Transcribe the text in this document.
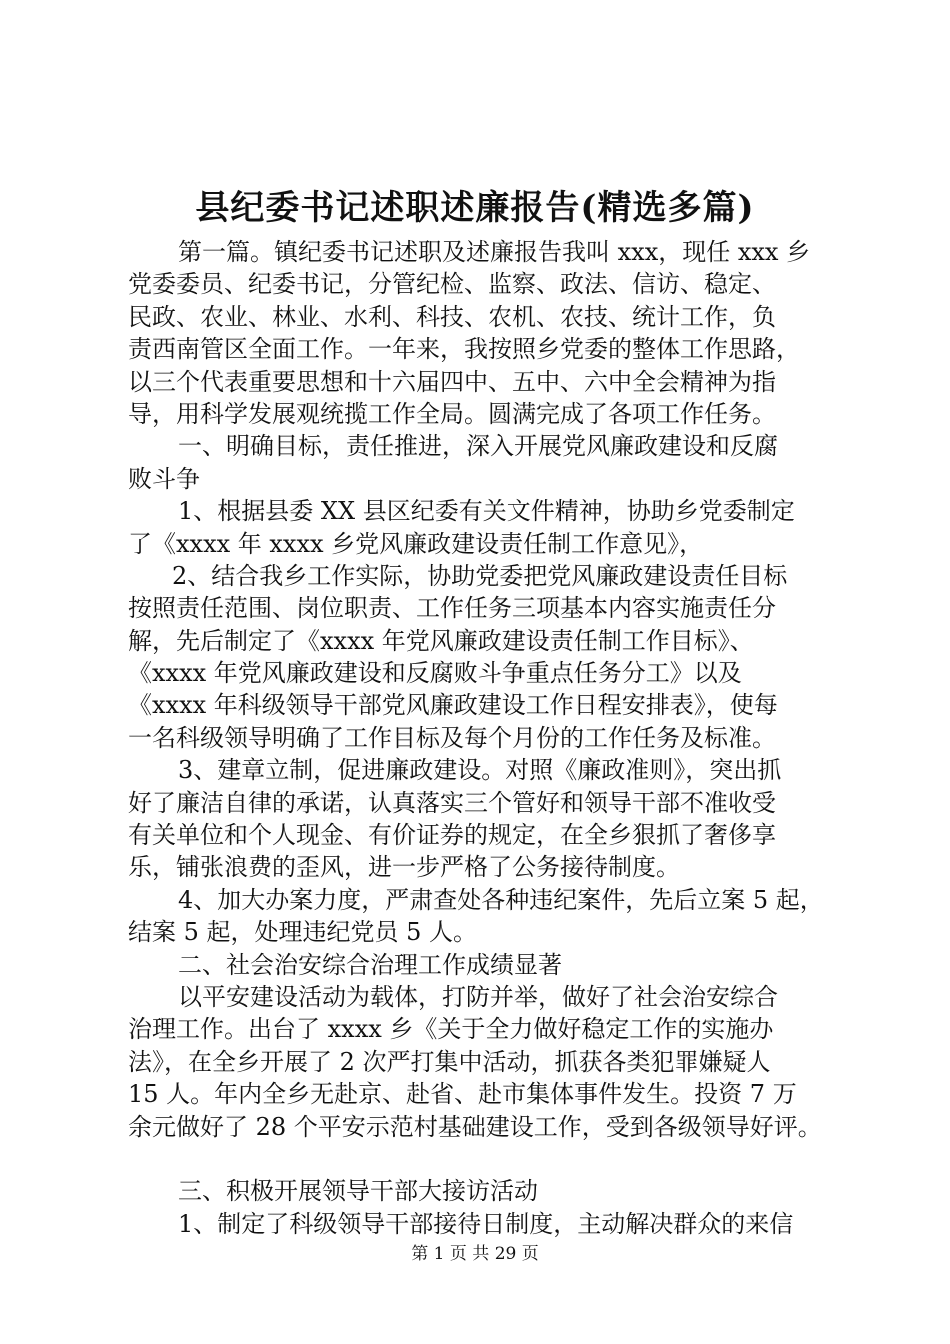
县纪委书记述职述廉报告(精选多篇)
第一篇。镇纪委书记述职及述廉报告我叫 xxx，现任 xxx 乡
党委委员、纪委书记，分管纪检、监察、政法、信访、稳定、
民政、农业、林业、水利、科技、农机、农技、统计工作，负
责西南管区全面工作。一年来，我按照乡党委的整体工作思路，
以三个代表重要思想和十六届四中、五中、六中全会精神为指
导，用科学发展观统揽工作全局。圆满完成了各项工作任务。
一、明确目标，责任推进，深入开展党风廉政建设和反腐
败斗争
1、根据县委 XX 县区纪委有关文件精神，协助乡党委制定
了《xxxx 年 xxxx 乡党风廉政建设责任制工作意见》，
2、结合我乡工作实际，协助党委把党风廉政建设责任目标
按照责任范围、岗位职责、工作任务三项基本内容实施责任分
解，先后制定了《xxxx 年党风廉政建设责任制工作目标》、
《xxxx 年党风廉政建设和反腐败斗争重点任务分工》以及
《xxxx 年科级领导干部党风廉政建设工作日程安排表》，使每
一名科级领导明确了工作目标及每个月份的工作任务及标准。
3、建章立制，促进廉政建设。对照《廉政准则》，突出抓
好了廉洁自律的承诺，认真落实三个管好和领导干部不准收受
有关单位和个人现金、有价证券的规定，在全乡狠抓了奢侈享
乐，铺张浪费的歪风，进一步严格了公务接待制度。
4、加大办案力度，严肃查处各种违纪案件，先后立案 5 起，
结案 5 起，处理违纪党员 5 人。
二、社会治安综合治理工作成绩显著
以平安建设活动为载体，打防并举，做好了社会治安综合
治理工作。出台了 xxxx 乡《关于全力做好稳定工作的实施办
法》，在全乡开展了 2 次严打集中活动，抓获各类犯罪嫌疑人
15 人。年内全乡无赴京、赴省、赴市集体事件发生。投资 7 万
余元做好了 28 个平安示范村基础建设工作，受到各级领导好评。
三、积极开展领导干部大接访活动
1、制定了科级领导干部接待日制度，主动解决群众的来信
第 1 页 共 29 页
